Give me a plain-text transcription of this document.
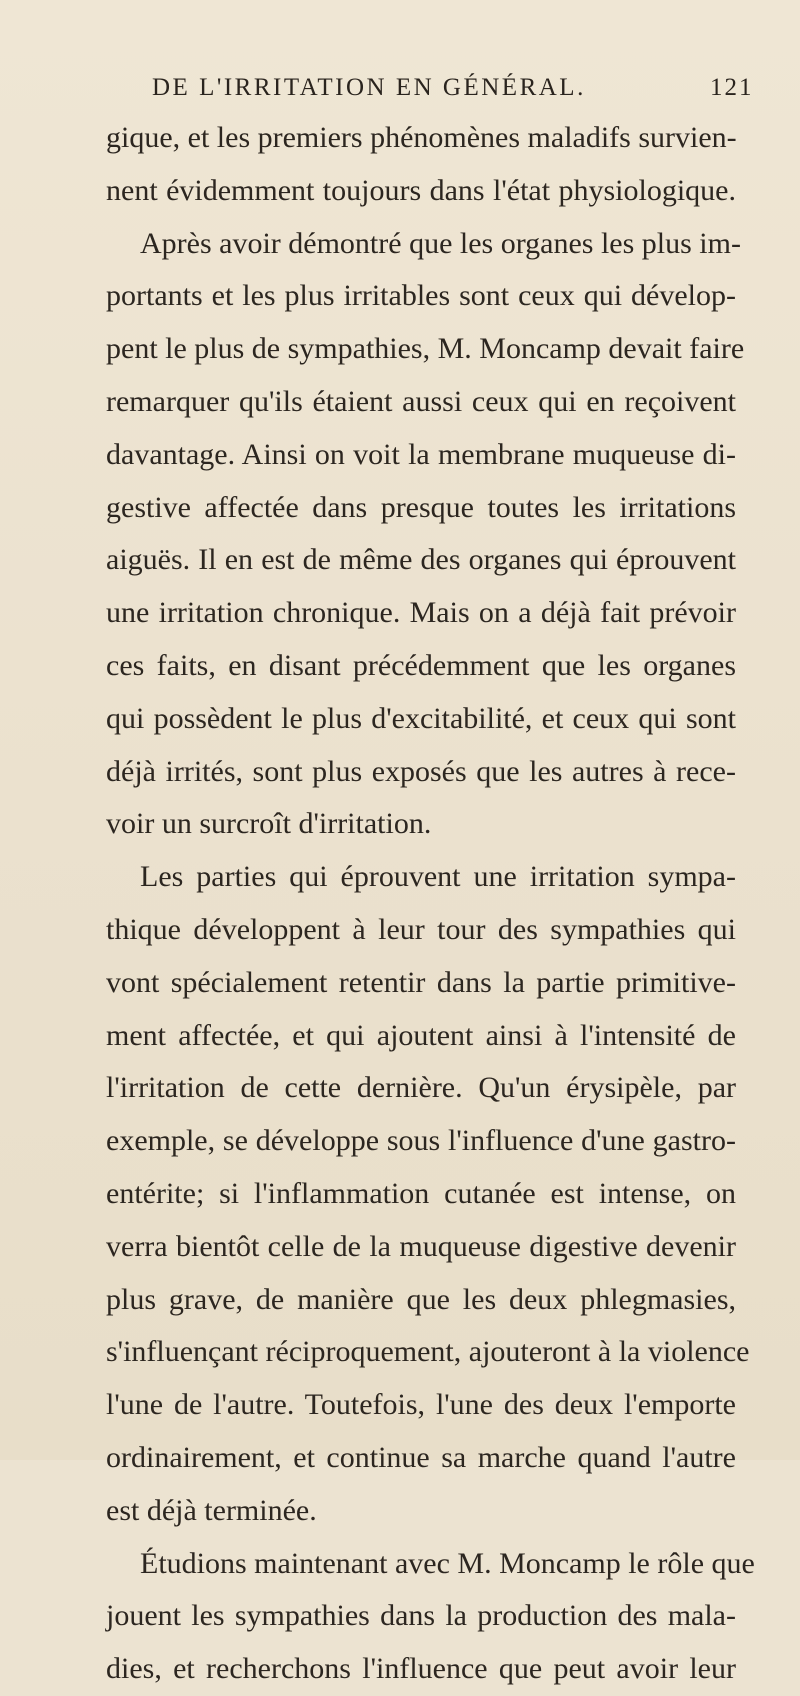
DE L'IRRITATION EN GÉNÉRAL.	121
gique, et les premiers phénomènes maladifs survien-
nent évidemment toujours dans l'état physiologique.
Après avoir démontré que les organes les plus im-
portants et les plus irritables sont ceux qui dévelop-
pent le plus de sympathies, M. Moncamp devait faire
remarquer qu'ils étaient aussi ceux qui en reçoivent
davantage. Ainsi on voit la membrane muqueuse di-
gestive affectée dans presque toutes les irritations
aiguës. Il en est de même des organes qui éprouvent
une irritation chronique. Mais on a déjà fait prévoir
ces faits, en disant précédemment que les organes
qui possèdent le plus d'excitabilité, et ceux qui sont
déjà irrités, sont plus exposés que les autres à rece-
voir un surcroît d'irritation.
Les parties qui éprouvent une irritation sympa-
thique développent à leur tour des sympathies qui
vont spécialement retentir dans la partie primitive-
ment affectée, et qui ajoutent ainsi à l'intensité de
l'irritation de cette dernière. Qu'un érysipèle, par
exemple, se développe sous l'influence d'une gastro-
entérite; si l'inflammation cutanée est intense, on
verra bientôt celle de la muqueuse digestive devenir
plus grave, de manière que les deux phlegmasies,
s'influençant réciproquement, ajouteront à la violence
l'une de l'autre. Toutefois, l'une des deux l'emporte
ordinairement, et continue sa marche quand l'autre
est déjà terminée.
Étudions maintenant avec M. Moncamp le rôle que
jouent les sympathies dans la production des mala-
dies, et recherchons l'influence que peut avoir leur
